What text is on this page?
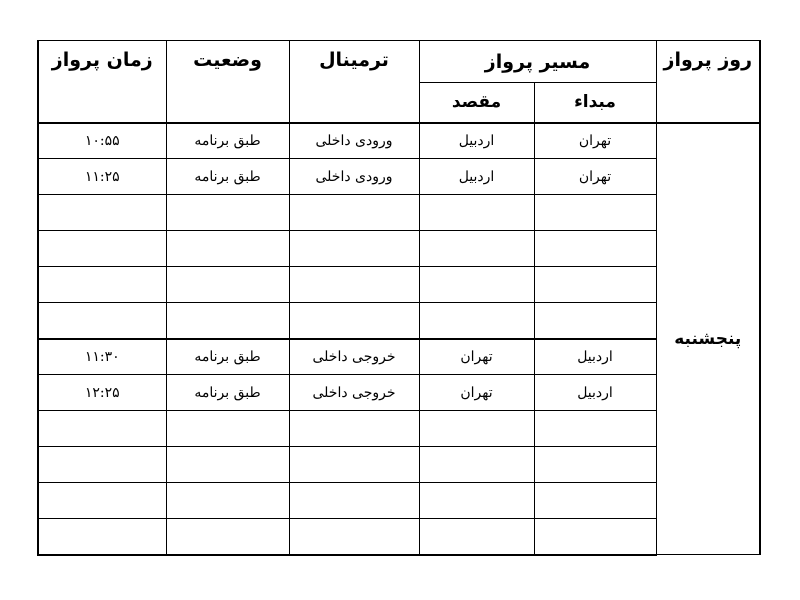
زمان پرواز	وضعیت	ترمینال	مسیر پرواز		روز پرواز
			مقصد	مبداء	
۱۰:۵۵	طبق برنامه	ورودی داخلی	اردبیل	تهران	پنجشنبه
۱۱:۲۵	طبق برنامه	ورودی داخلی	اردبیل	تهران	

۱۱:۳۰	طبق برنامه	خروجی داخلی	تهران	اردبیل	
۱۲:۲۵	طبق برنامه	خروجی داخلی	تهران	اردبیل	
